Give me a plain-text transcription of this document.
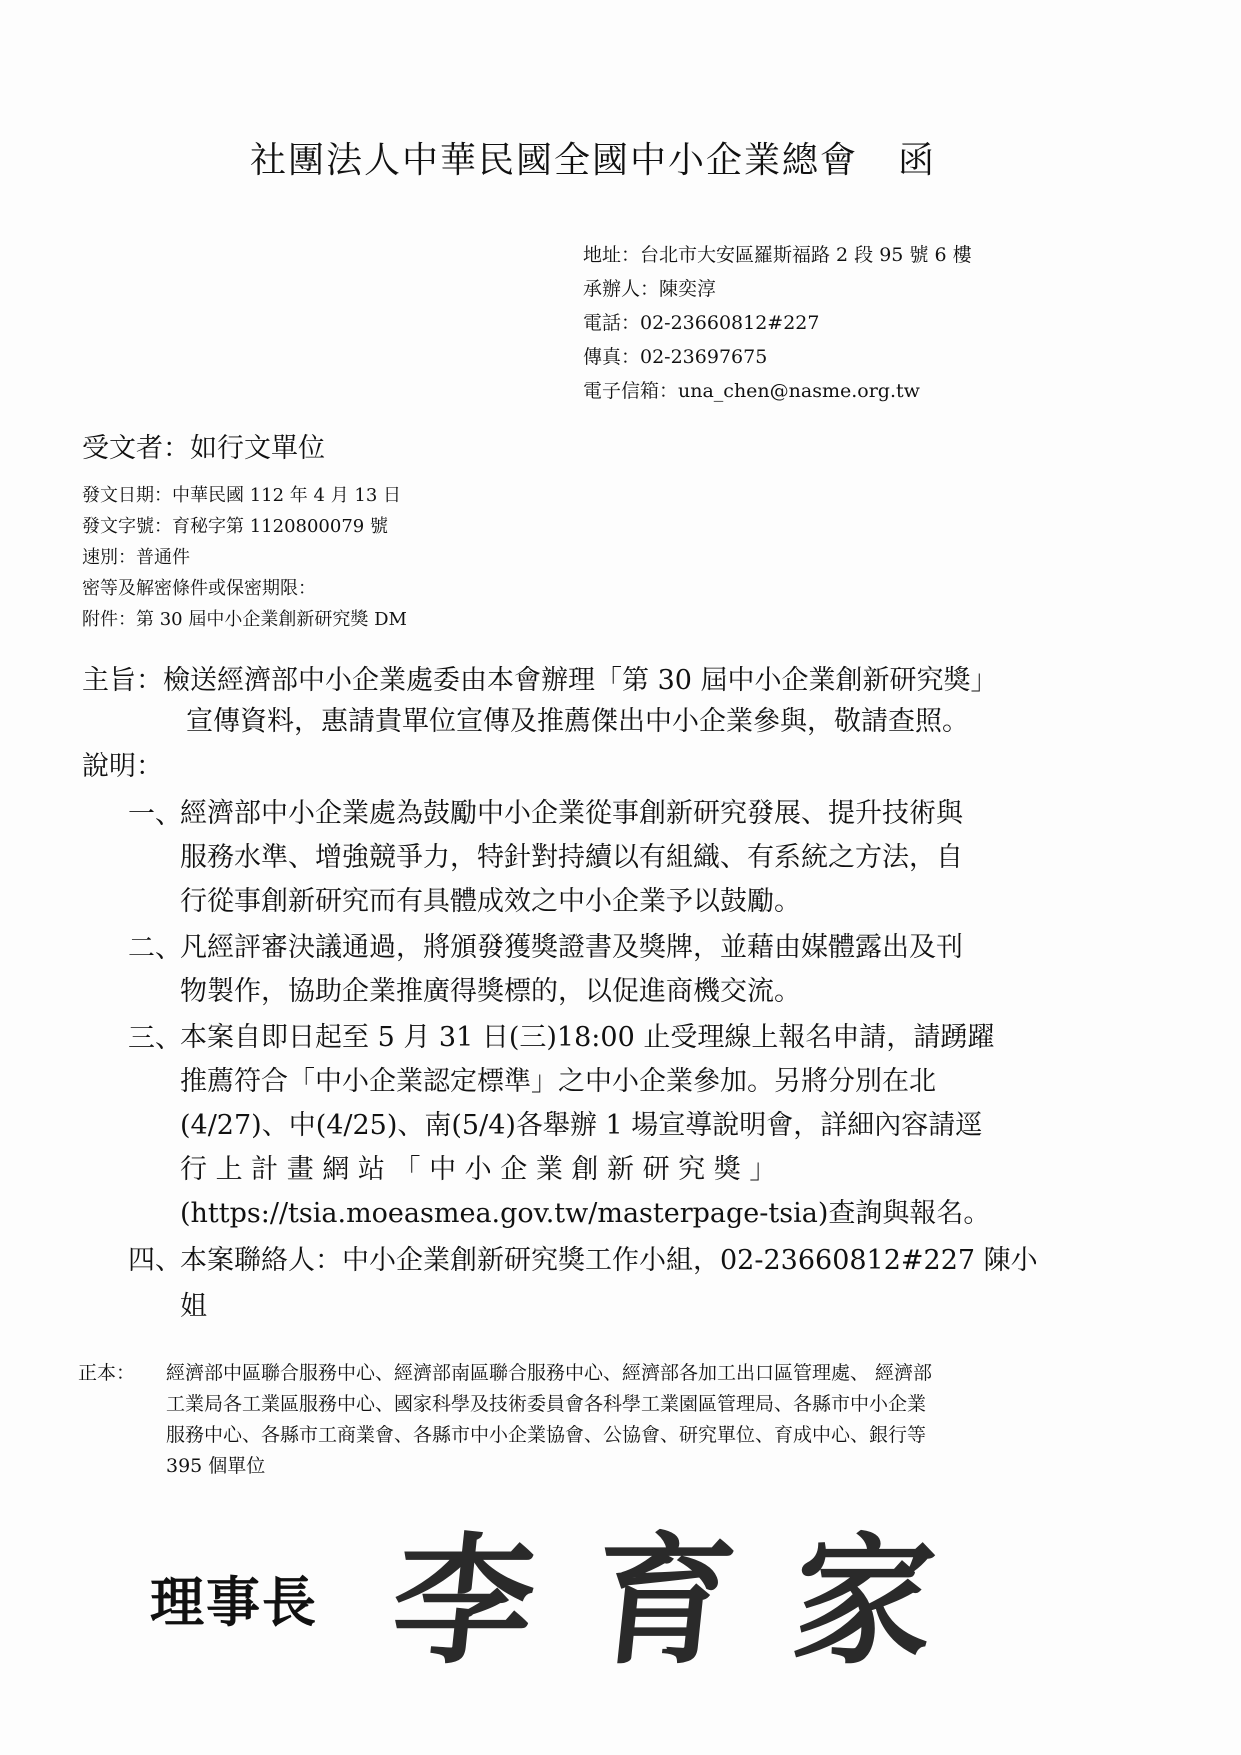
社團法人中華民國全國中小企業總會 函
地址：台北市大安區羅斯福路 2 段 95 號 6 樓
承辦人：陳奕淳
電話：02-23660812#227
傳真：02-23697675
電子信箱：una_chen@nasme.org.tw
受文者：如行文單位
發文日期：中華民國 112 年 4 月 13 日
發文字號：育秘字第 1120800079 號
速別：普通件
密等及解密條件或保密期限：
附件：第 30 屆中小企業創新研究獎 DM
主旨：檢送經濟部中小企業處委由本會辦理「第 30 屆中小企業創新研究獎」
宣傳資料，惠請貴單位宣傳及推薦傑出中小企業參與，敬請查照。
說明：
一、
經濟部中小企業處為鼓勵中小企業從事創新研究發展、提升技術與
服務水準、增強競爭力，特針對持續以有組織、有系統之方法，自
行從事創新研究而有具體成效之中小企業予以鼓勵。
二、
凡經評審決議通過，將頒發獲獎證書及獎牌，並藉由媒體露出及刊
物製作，協助企業推廣得獎標的，以促進商機交流。
三、
本案自即日起至 5 月 31 日(三)18:00 止受理線上報名申請，請踴躍
推薦符合「中小企業認定標準」之中小企業參加。另將分別在北
(4/27)、中(4/25)、南(5/4)各舉辦 1 場宣導說明會，詳細內容請逕
行 上 計 畫 網 站 「 中 小 企 業 創 新 研 究 獎 」
(https://tsia.moeasmea.gov.tw/masterpage-tsia)查詢與報名。
四、
本案聯絡人：中小企業創新研究獎工作小組，02-23660812#227 陳小
姐
正本： 經濟部中區聯合服務中心、經濟部南區聯合服務中心、經濟部各加工出口區管理處、 經濟部
工業局各工業區服務中心、國家科學及技術委員會各科學工業園區管理局、各縣市中小企業
服務中心、各縣市工商業會、各縣市中小企業協會、公協會、研究單位、育成中心、銀行等
395 個單位
理事長 李育家
